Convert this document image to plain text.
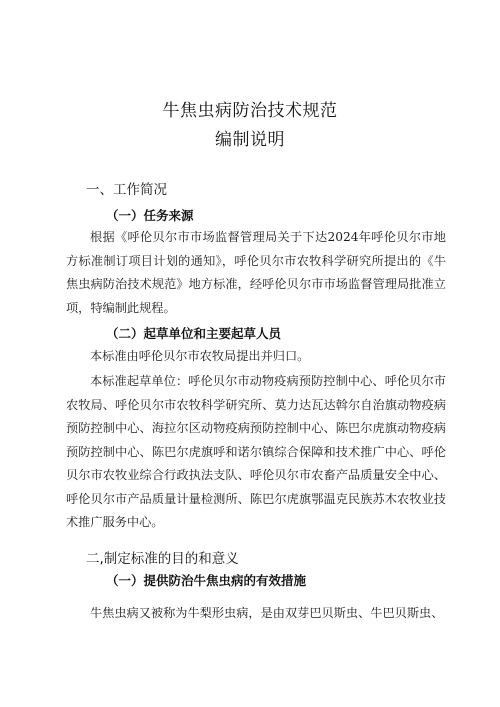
牛焦虫病防治技术规范
编制说明
一、工作简况
（一）任务来源

根据《呼伦贝尔市市场监督管理局关于下达2024年呼伦贝尔市地方标准制订项目计划的通知》，呼伦贝尔市农牧科学研究所提出的《牛焦虫病防治技术规范》地方标准，经呼伦贝尔市市场监督管理局批准立项，特编制此规程。

（二）起草单位和主要起草人员

本标准由呼伦贝尔市农牧局提出并归口。

本标准起草单位：呼伦贝尔市动物疫病预防控制中心、呼伦贝尔市农牧局、呼伦贝尔市农牧科学研究所、莫力达瓦达斡尔自治旗动物疫病预防控制中心、海拉尔区动物疫病预防控制中心、陈巴尔虎旗动物疫病预防控制中心、陈巴尔虎旗呼和诺尔镇综合保障和技术推广中心、呼伦贝尔市农牧业综合行政执法支队、呼伦贝尔市农畜产品质量安全中心、呼伦贝尔市产品质量计量检测所、陈巴尔虎旗鄂温克民族苏木农牧业技术推广服务中心。

二,制定标准的目的和意义
（一）提供防治牛焦虫病的有效措施

牛焦虫病又被称为牛梨形虫病，是由双芽巴贝斯虫、牛巴贝斯虫、
